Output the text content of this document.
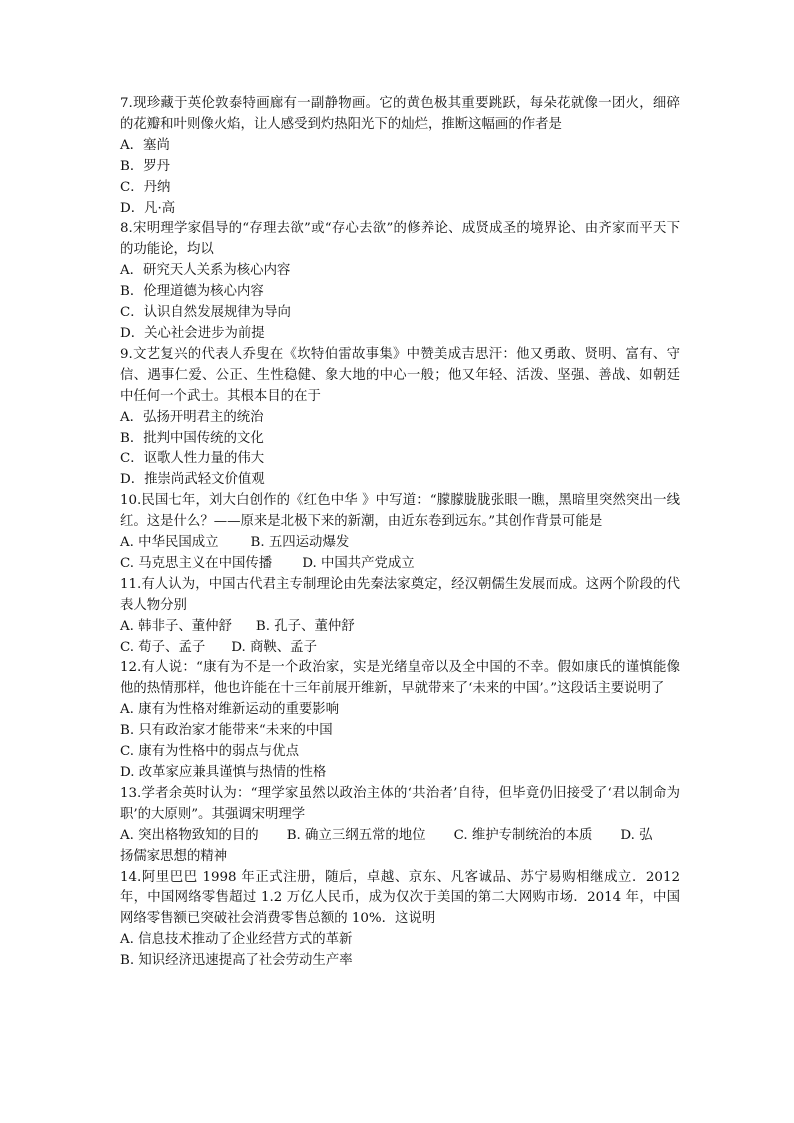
7.现珍藏于英伦敦泰特画廊有一副静物画。它的黄色极其重要跳跃，每朵花就像一团火，细碎的花瓣和叶则像火焰，让人感受到灼热阳光下的灿烂，推断这幅画的作者是

A．塞尚

B．罗丹

C．丹纳

D．凡·高

8.宋明理学家倡导的“存理去欲”或“存心去欲”的修养论、成贤成圣的境界论、由齐家而平天下的功能论，均以

A．研究天人关系为核心内容

B．伦理道德为核心内容

C．认识自然发展规律为导向

D．关心社会进步为前提

9.文艺复兴的代表人乔叟在《坎特伯雷故事集》中赞美成吉思汗：他又勇敢、贤明、富有、守信、遇事仁爱、公正、生性稳健、象大地的中心一般；他又年轻、活泼、坚强、善战、如朝廷中任何一个武士。其根本目的在于

A．弘扬开明君主的统治

B．批判中国传统的文化

C．讴歌人性力量的伟大

D．推崇尚武轻文价值观

10.民国七年，刘大白创作的《红色中华 》中写道：“朦朦胧胧张眼一瞧，黑暗里突然突出一线红。这是什么？——原来是北极下来的新潮，由近东卷到远东。”其创作背景可能是

A. 中华民国成立 B. 五四运动爆发
C. 马克思主义在中国传播 D. 中国共产党成立

11.有人认为，中国古代君主专制理论由先秦法家奠定，经汉朝儒生发展而成。这两个阶段的代表人物分别

A. 韩非子、董仲舒 B. 孔子、董仲舒
C. 荀子、孟子 D. 商鞅、孟子

12.有人说：“康有为不是一个政治家，实是光绪皇帝以及全中国的不幸。假如康氏的谨慎能像他的热情那样，他也许能在十三年前展开维新，早就带来了‘未来的中国’。”这段话主要说明了

A. 康有为性格对维新运动的重要影响

B. 只有政治家才能带来“未来的中国

C. 康有为性格中的弱点与优点

D. 改革家应兼具谨慎与热情的性格

13.学者余英时认为：“理学家虽然以政治主体的‘共治者’自待，但毕竟仍旧接受了‘君以制命为职’的大原则”。其强调宋明理学

A. 突出格物致知的目的 B. 确立三纲五常的地位 C. 维护专制统治的本质 D. 弘

扬儒家思想的精神

14.阿里巴巴 1998 年正式注册，随后，卓越、京东、凡客诚品、苏宁易购相继成立．2012 年，中国网络零售超过 1.2 万亿人民币，成为仅次于美国的第二大网购市场．2014 年，中国网络零售额已突破社会消费零售总额的 10%．这说明

A. 信息技术推动了企业经营方式的革新

B. 知识经济迅速提高了社会劳动生产率
